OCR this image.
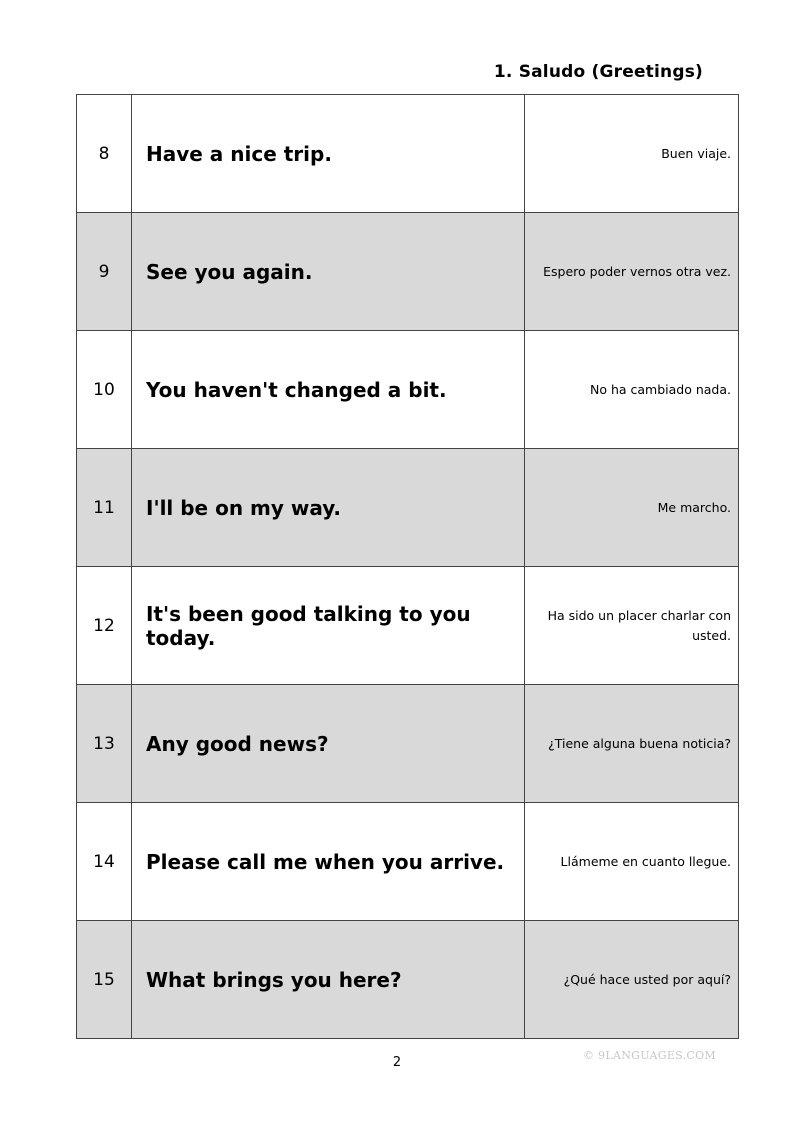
1. Saludo (Greetings)
8	Have a nice trip.	Buen viaje.
9	See you again.	Espero poder vernos otra vez.
10	You haven't changed a bit.	No ha cambiado nada.
11	I'll be on my way.	Me marcho.
12	It's been good talking to you today.	Ha sido un placer charlar con usted.
13	Any good news?	¿Tiene alguna buena noticia?
14	Please call me when you arrive.	Llámeme en cuanto llegue.
15	What brings you here?	¿Qué hace usted por aquí?
2	© 9LANGUAGES.COM
